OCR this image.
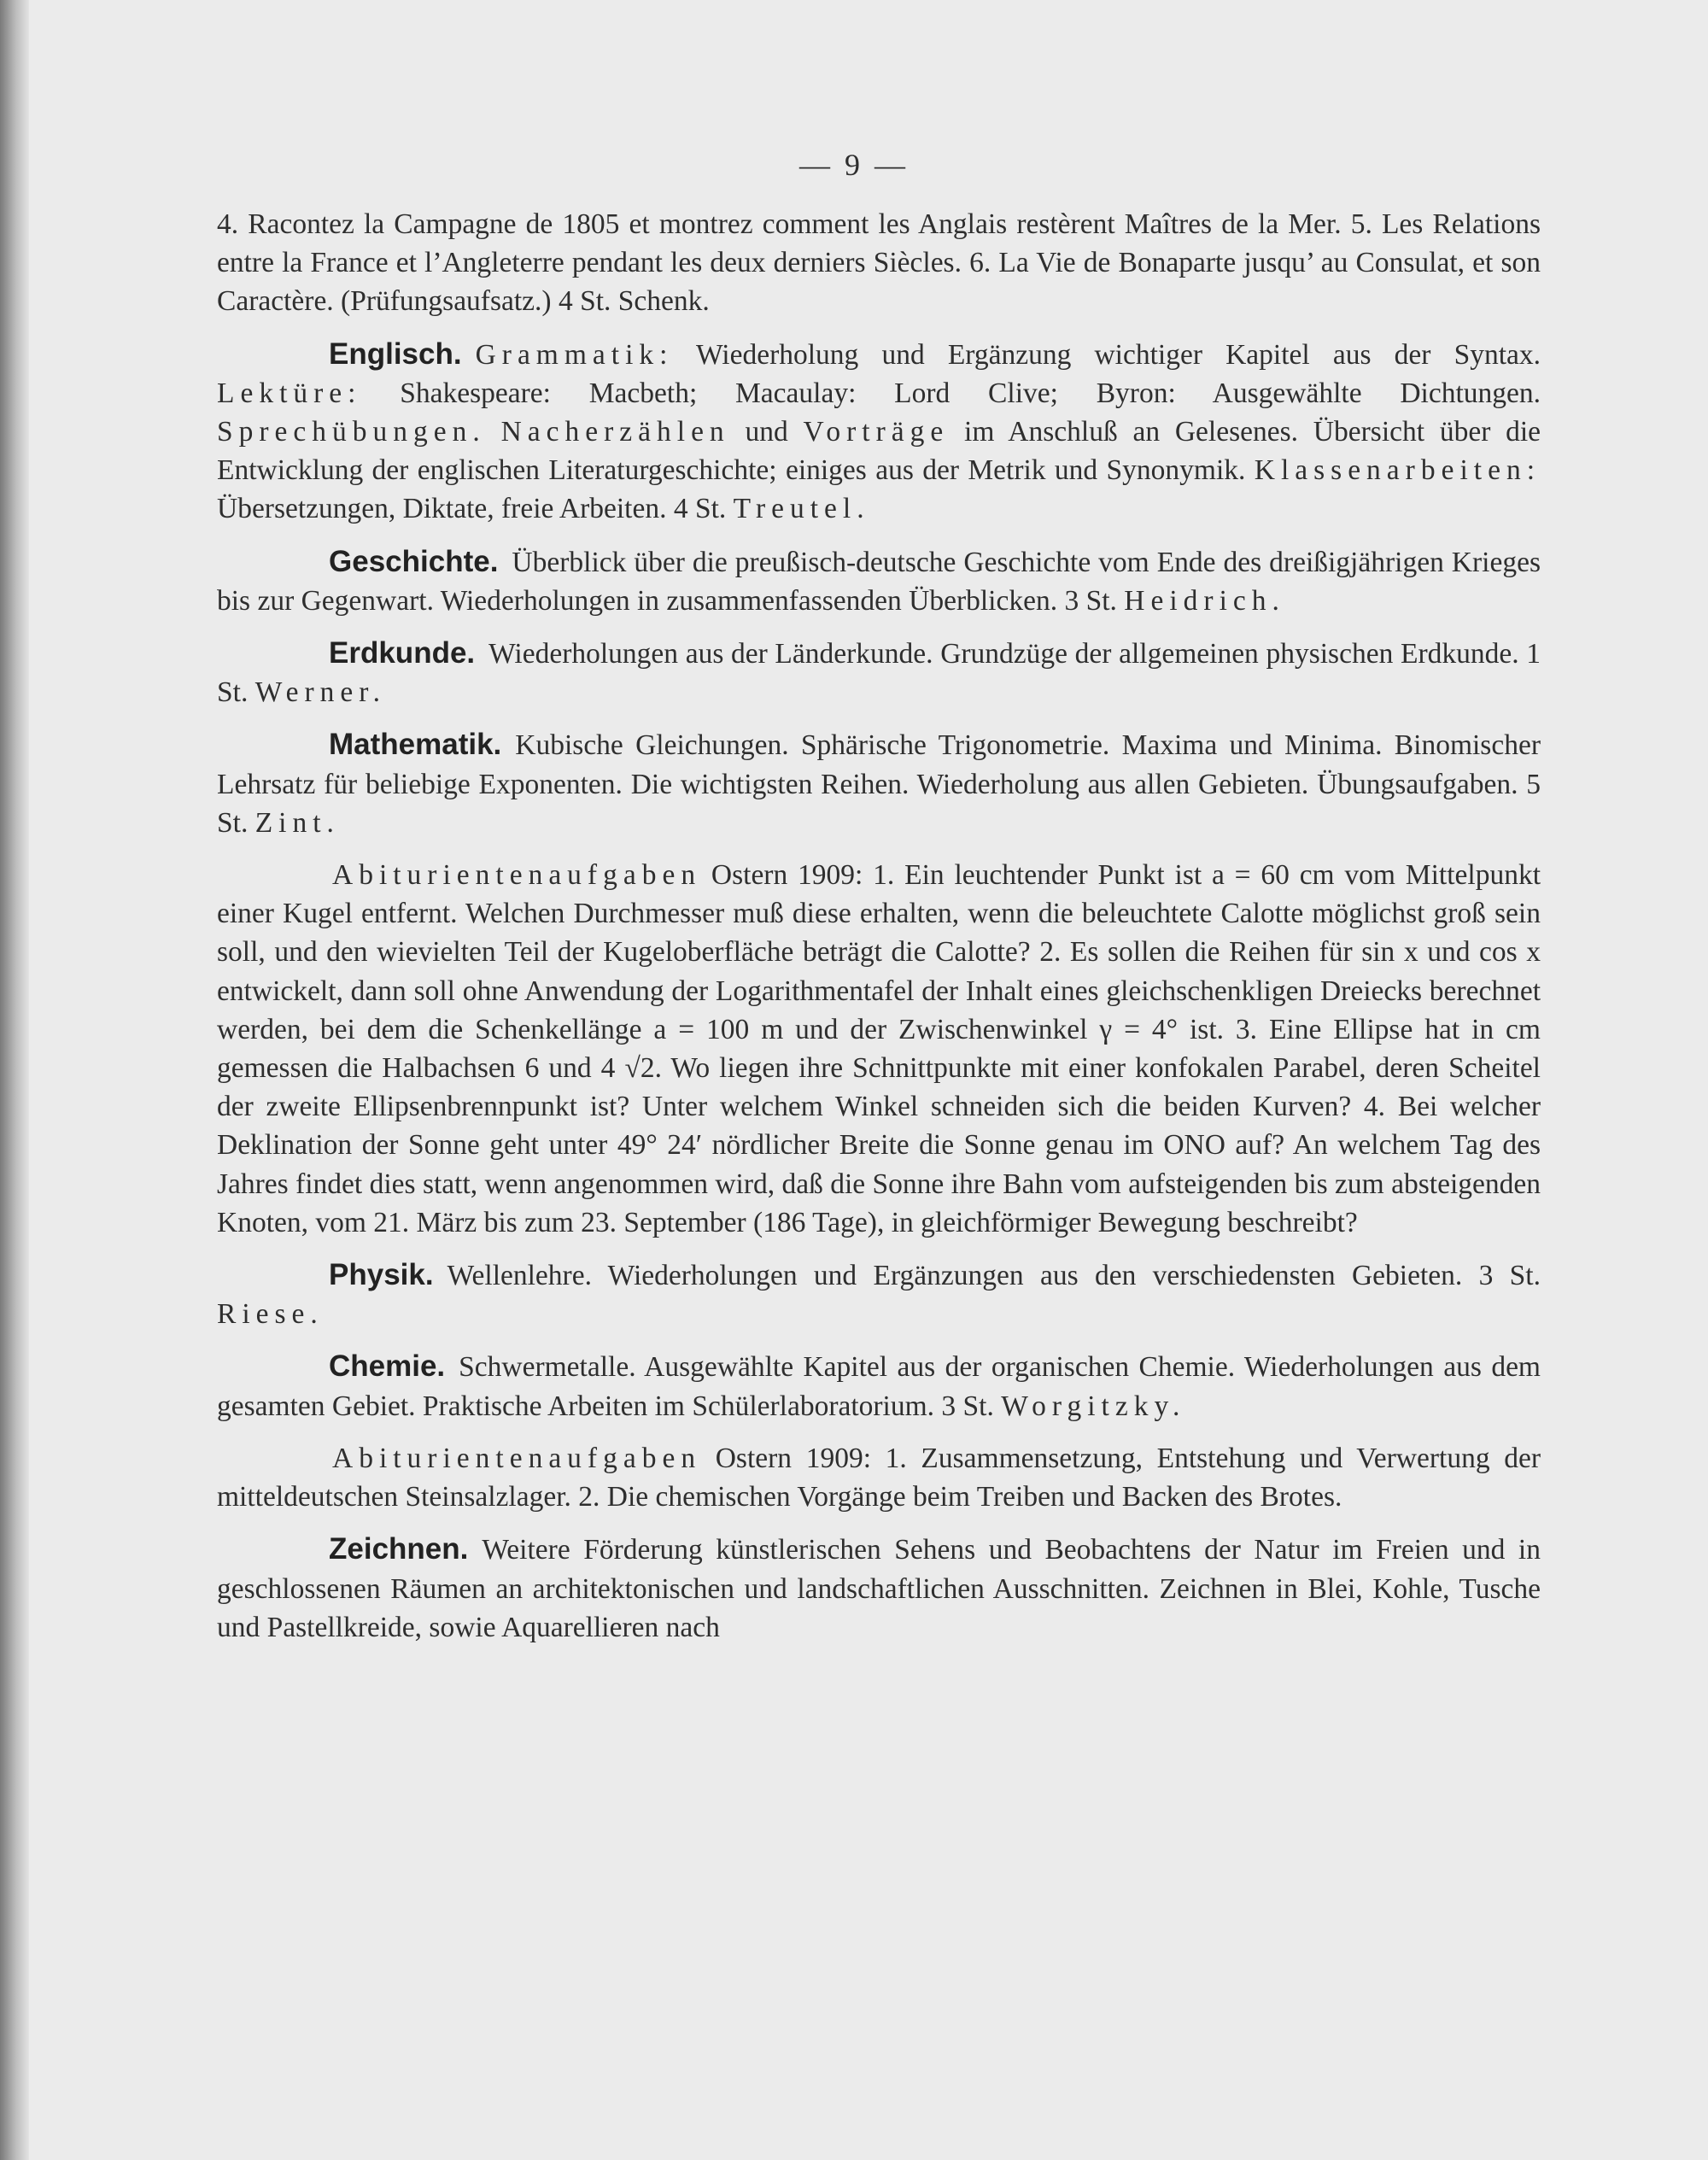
— 9 —

4. Racontez la Campagne de 1805 et montrez comment les Anglais restèrent Maîtres de la Mer. 5. Les Relations entre la France et l’Angleterre pendant les deux derniers Siècles. 6. La Vie de Bonaparte jusqu’ au Consulat, et son Caractère. (Prüfungsaufsatz.) 4 St. Schenk.

Englisch. Grammatik: Wiederholung und Ergänzung wichtiger Kapitel aus der Syntax. Lektüre: Shakespeare: Macbeth; Macaulay: Lord Clive; Byron: Ausgewählte Dichtungen. Sprechübungen. Nacherzählen und Vorträge im Anschluß an Gelesenes. Übersicht über die Entwicklung der englischen Literaturgeschichte; einiges aus der Metrik und Synonymik. Klassenarbeiten: Übersetzungen, Diktate, freie Arbeiten. 4 St. Treutel.

Geschichte. Überblick über die preußisch-deutsche Geschichte vom Ende des dreißigjährigen Krieges bis zur Gegenwart. Wiederholungen in zusammenfassenden Überblicken. 3 St. Heidrich.

Erdkunde. Wiederholungen aus der Länderkunde. Grundzüge der allgemeinen physischen Erdkunde. 1 St. Werner.

Mathematik. Kubische Gleichungen. Sphärische Trigonometrie. Maxima und Minima. Binomischer Lehrsatz für beliebige Exponenten. Die wichtigsten Reihen. Wiederholung aus allen Gebieten. Übungsaufgaben. 5 St. Zint.

Abiturientenaufgaben Ostern 1909: 1. Ein leuchtender Punkt ist a = 60 cm vom Mittelpunkt einer Kugel entfernt. Welchen Durchmesser muß diese erhalten, wenn die beleuchtete Calotte möglichst groß sein soll, und den wievielten Teil der Kugeloberfläche beträgt die Calotte? 2. Es sollen die Reihen für sin x und cos x entwickelt, dann soll ohne Anwendung der Logarithmentafel der Inhalt eines gleichschenkligen Dreiecks berechnet werden, bei dem die Schenkellänge a = 100 m und der Zwischenwinkel γ = 4° ist. 3. Eine Ellipse hat in cm gemessen die Halbachsen 6 und 4 √2. Wo liegen ihre Schnittpunkte mit einer konfokalen Parabel, deren Scheitel der zweite Ellipsenbrennpunkt ist? Unter welchem Winkel schneiden sich die beiden Kurven? 4. Bei welcher Deklination der Sonne geht unter 49° 24′ nördlicher Breite die Sonne genau im ONO auf? An welchem Tag des Jahres findet dies statt, wenn angenommen wird, daß die Sonne ihre Bahn vom aufsteigenden bis zum absteigenden Knoten, vom 21. März bis zum 23. September (186 Tage), in gleichförmiger Bewegung beschreibt?

Physik. Wellenlehre. Wiederholungen und Ergänzungen aus den verschiedensten Gebieten. 3 St. Riese.

Chemie. Schwermetalle. Ausgewählte Kapitel aus der organischen Chemie. Wiederholungen aus dem gesamten Gebiet. Praktische Arbeiten im Schülerlaboratorium. 3 St. Worgitzky.

Abiturientenaufgaben Ostern 1909: 1. Zusammensetzung, Entstehung und Verwertung der mitteldeutschen Steinsalzlager. 2. Die chemischen Vorgänge beim Treiben und Backen des Brotes.

Zeichnen. Weitere Förderung künstlerischen Sehens und Beobachtens der Natur im Freien und in geschlossenen Räumen an architektonischen und landschaftlichen Ausschnitten. Zeichnen in Blei, Kohle, Tusche und Pastellkreide, sowie Aquarellieren nach
